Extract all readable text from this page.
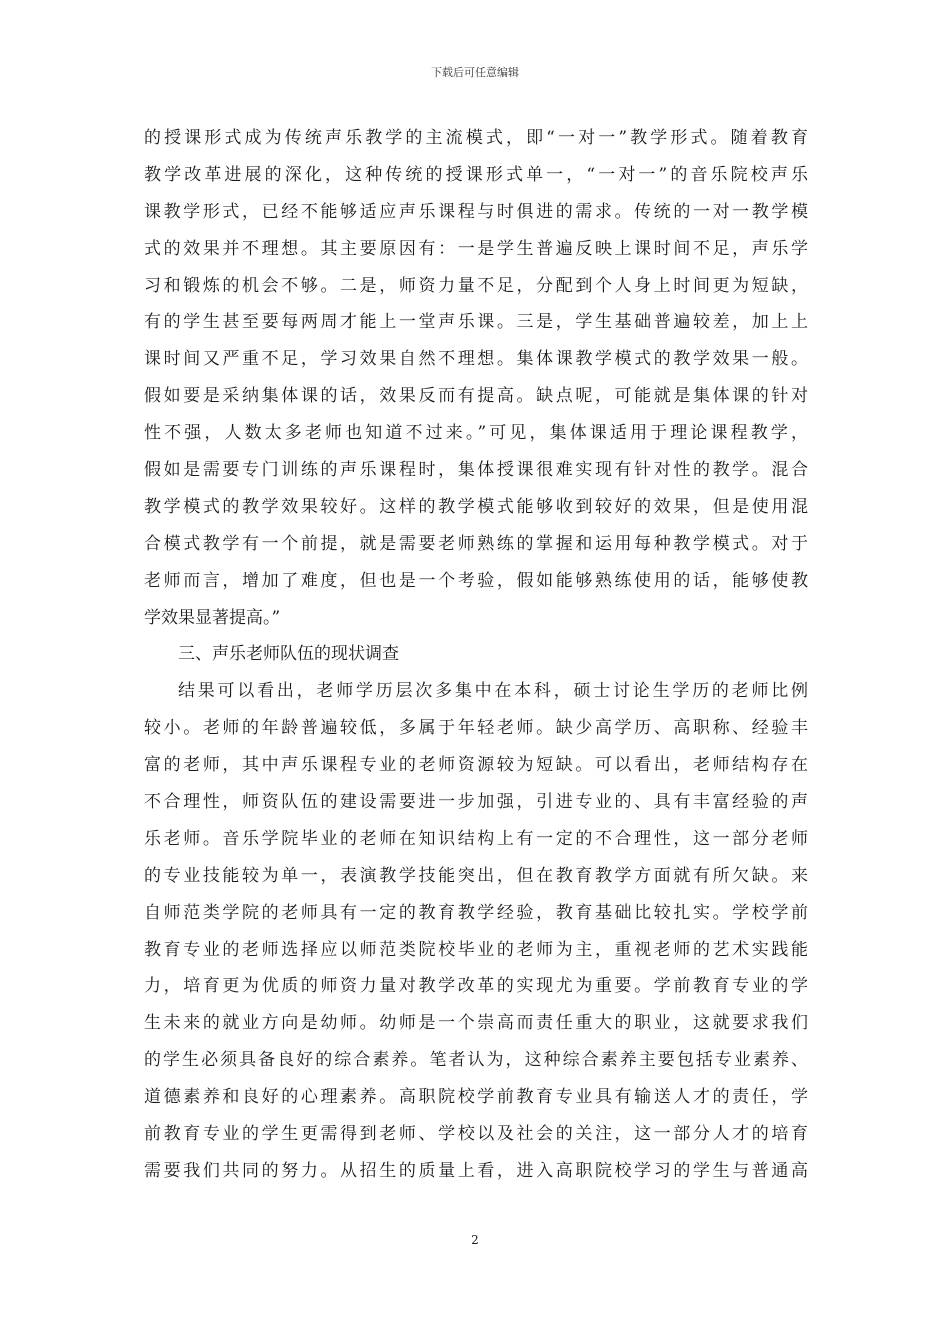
下载后可任意编辑
的授课形式成为传统声乐教学的主流模式，即“一对一”教学形式。随着教育
教学改革进展的深化，这种传统的授课形式单一，“一对一”的音乐院校声乐
课教学形式，已经不能够适应声乐课程与时俱进的需求。传统的一对一教学模
式的效果并不理想。其主要原因有：一是学生普遍反映上课时间不足，声乐学
习和锻炼的机会不够。二是，师资力量不足，分配到个人身上时间更为短缺，
有的学生甚至要每两周才能上一堂声乐课。三是，学生基础普遍较差，加上上
课时间又严重不足，学习效果自然不理想。集体课教学模式的教学效果一般。
假如要是采纳集体课的话，效果反而有提高。缺点呢，可能就是集体课的针对
性不强，人数太多老师也知道不过来。”可见，集体课适用于理论课程教学，
假如是需要专门训练的声乐课程时，集体授课很难实现有针对性的教学。混合
教学模式的教学效果较好。这样的教学模式能够收到较好的效果，但是使用混
合模式教学有一个前提，就是需要老师熟练的掌握和运用每种教学模式。对于
老师而言，增加了难度，但也是一个考验，假如能够熟练使用的话，能够使教
学效果显著提高。”
三、声乐老师队伍的现状调查
结果可以看出，老师学历层次多集中在本科，硕士讨论生学历的老师比例
较小。老师的年龄普遍较低，多属于年轻老师。缺少高学历、高职称、经验丰
富的老师，其中声乐课程专业的老师资源较为短缺。可以看出，老师结构存在
不合理性，师资队伍的建设需要进一步加强，引进专业的、具有丰富经验的声
乐老师。音乐学院毕业的老师在知识结构上有一定的不合理性，这一部分老师
的专业技能较为单一，表演教学技能突出，但在教育教学方面就有所欠缺。来
自师范类学院的老师具有一定的教育教学经验，教育基础比较扎实。学校学前
教育专业的老师选择应以师范类院校毕业的老师为主，重视老师的艺术实践能
力，培育更为优质的师资力量对教学改革的实现尤为重要。学前教育专业的学
生未来的就业方向是幼师。幼师是一个崇高而责任重大的职业，这就要求我们
的学生必须具备良好的综合素养。笔者认为，这种综合素养主要包括专业素养、
道德素养和良好的心理素养。高职院校学前教育专业具有输送人才的责任，学
前教育专业的学生更需得到老师、学校以及社会的关注，这一部分人才的培育
需要我们共同的努力。从招生的质量上看，进入高职院校学习的学生与普通高
2
